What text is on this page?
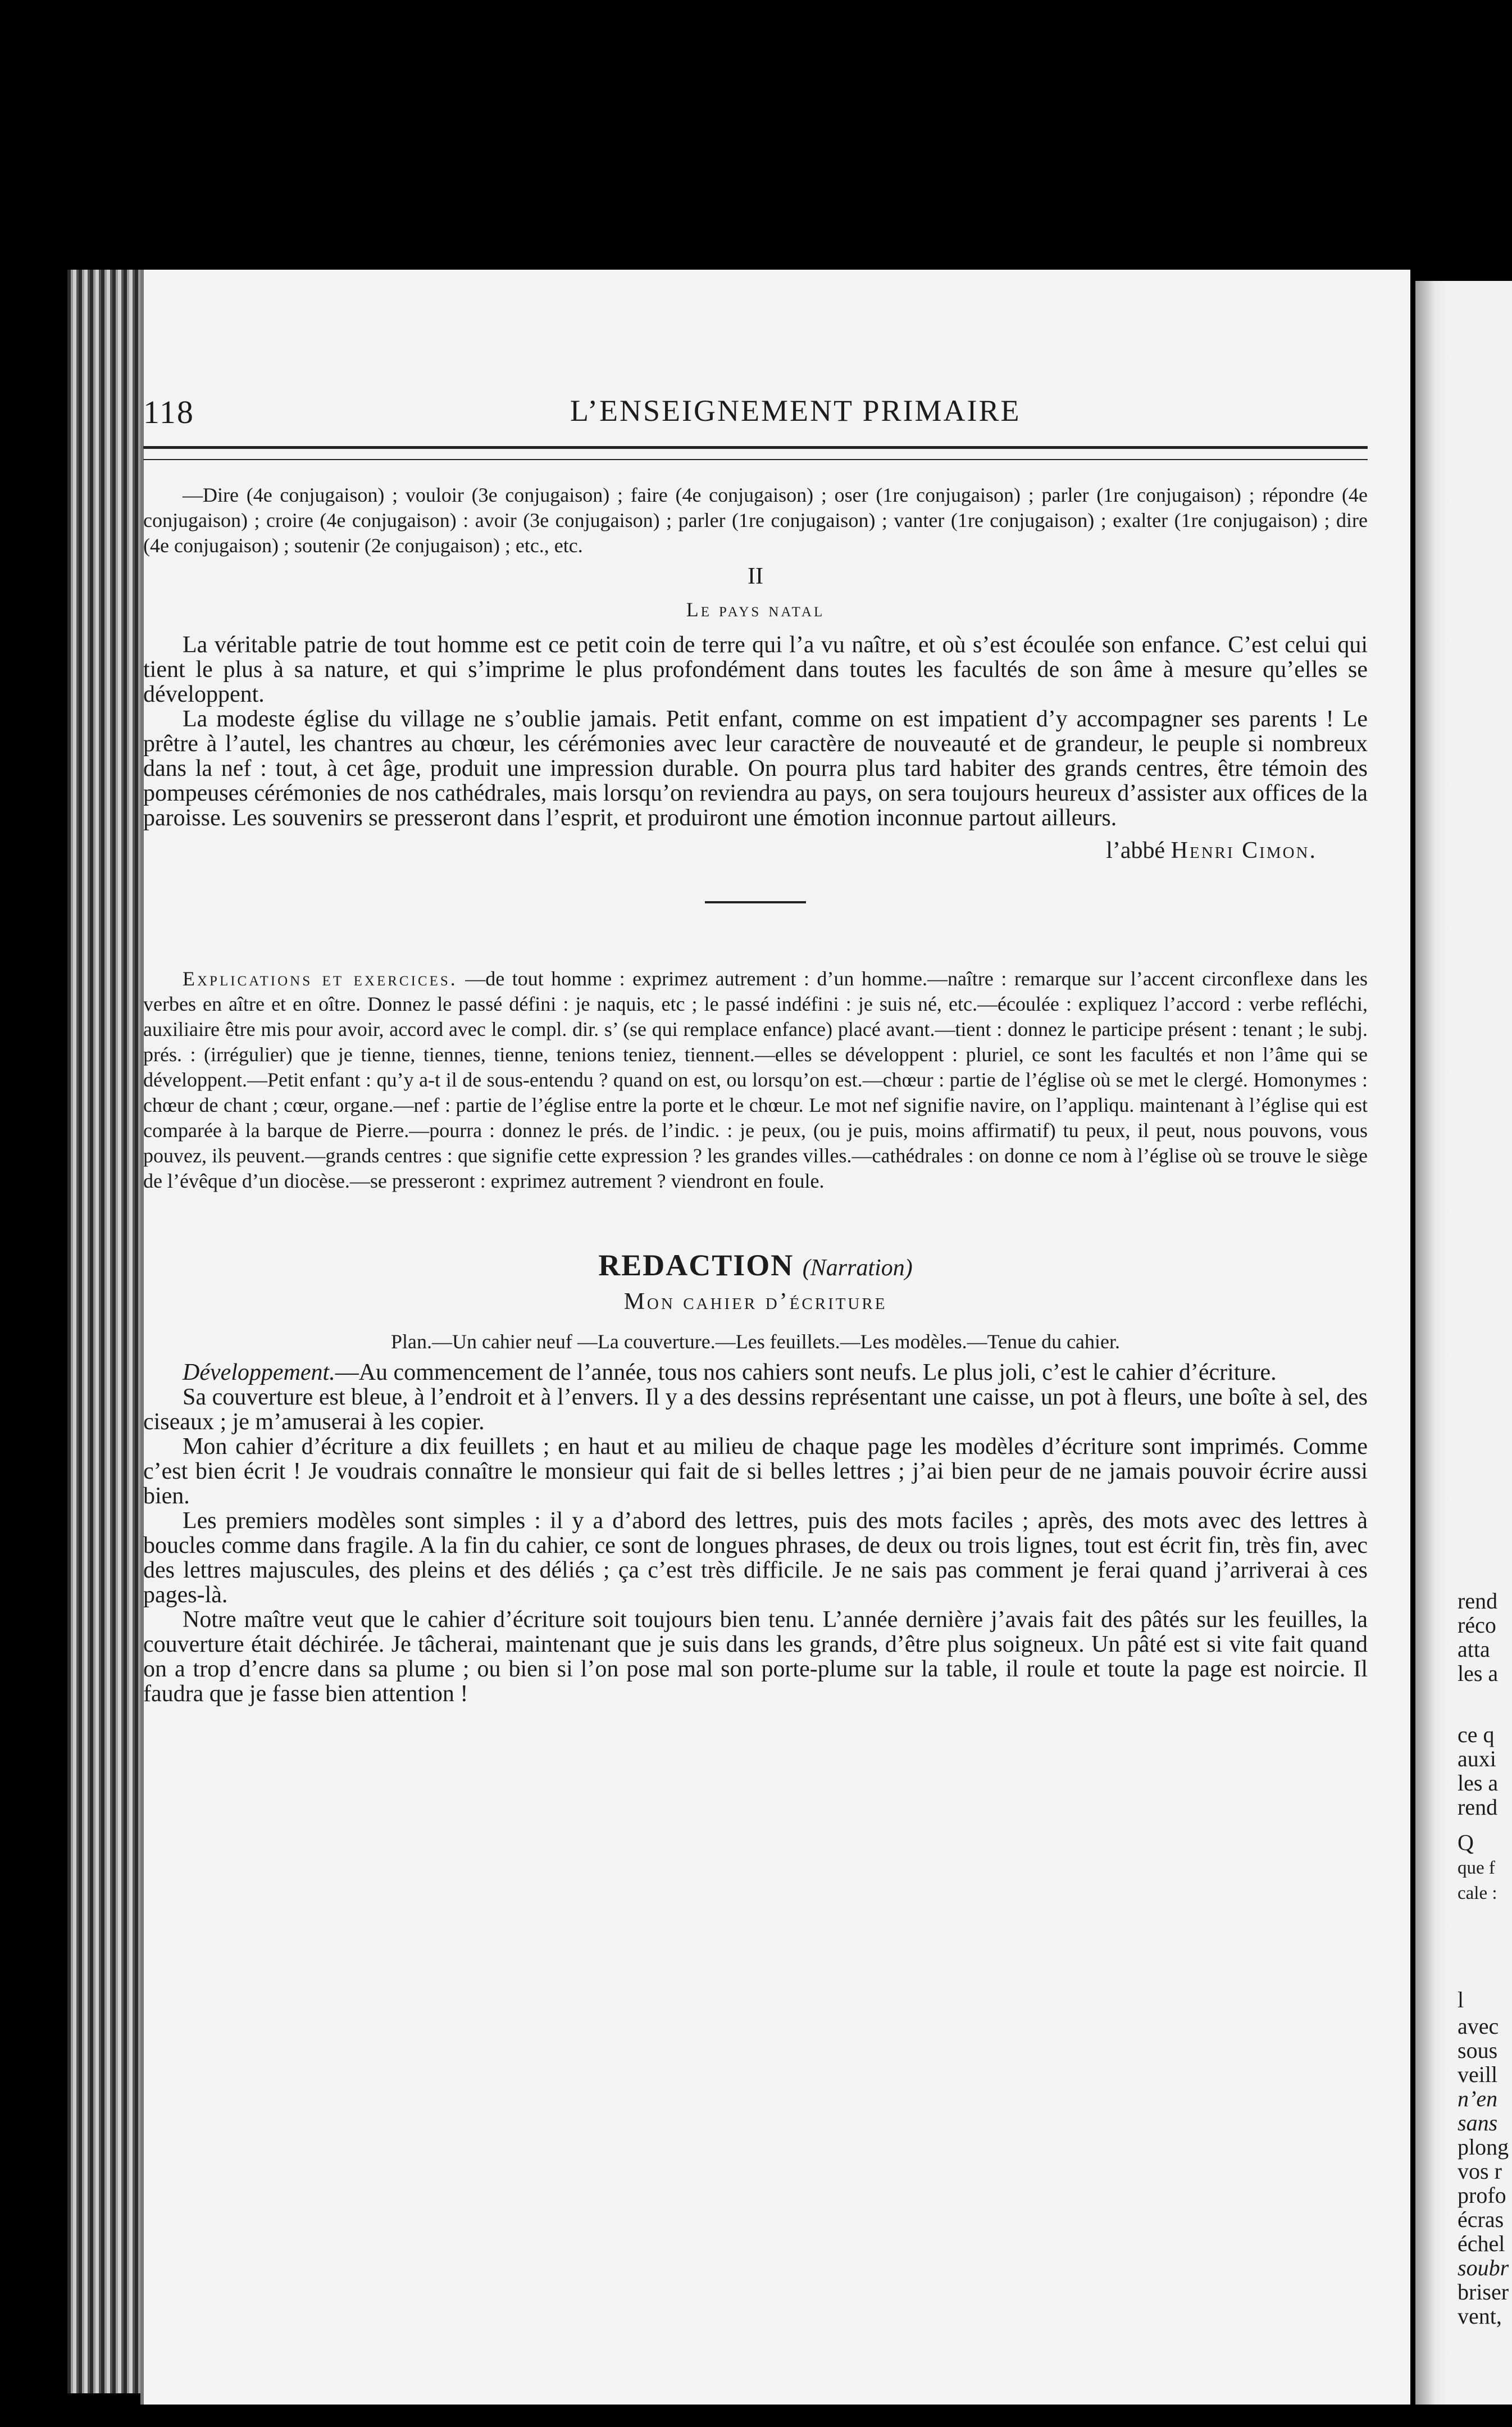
rend
réco
atta
les a
ce q
auxi
les a
rend
Q
que f
cale :
l
avec
sous
veill
n’en
sans
plong
vos r
profo
écras
échel
soubr
briser
vent,
118	L’ENSEIGNEMENT PRIMAIRE

—Dire (4e conjugaison) ; vouloir (3e conjugaison) ; faire (4e conjugaison) ; oser (1re conjugaison) ; parler (1re conjugaison) ; répondre (4e conjugaison) ; croire (4e conjugaison) : avoir (3e conjugaison) ; parler (1re conjugaison) ; vanter (1re conjugaison) ; exalter (1re conjugaison) ; dire (4e conjugaison) ; soutenir (2e conjugaison) ; etc., etc.

II
Le pays natal

La véritable patrie de tout homme est ce petit coin de terre qui l’a vu naître, et où s’est écoulée son enfance. C’est celui qui tient le plus à sa nature, et qui s’imprime le plus profondément dans toutes les facultés de son âme à mesure qu’elles se développent.

La modeste église du village ne s’oublie jamais. Petit enfant, comme on est impatient d’y accompagner ses parents ! Le prêtre à l’autel, les chantres au chœur, les cérémonies avec leur caractère de nouveauté et de grandeur, le peuple si nombreux dans la nef : tout, à cet âge, produit une impression durable. On pourra plus tard habiter des grands centres, être témoin des pompeuses cérémonies de nos cathédrales, mais lorsqu’on reviendra au pays, on sera toujours heureux d’assister aux offices de la paroisse. Les souvenirs se presseront dans l’esprit, et produiront une émotion inconnue partout ailleurs.

l’abbé Henri Cimon.

Explications et exercices. —de tout homme : exprimez autrement : d’un homme.—naître : remarque sur l’accent circonflexe dans les verbes en aître et en oître. Donnez le passé défini : je naquis, etc ; le passé indéfini : je suis né, etc.—écoulée : expliquez l’accord : verbe refléchi, auxiliaire être mis pour avoir, accord avec le compl. dir. s’ (se qui remplace enfance) placé avant.—tient : donnez le participe présent : tenant ; le subj. prés. : (irrégulier) que je tienne, tiennes, tienne, tenions teniez, tiennent.—elles se développent : pluriel, ce sont les facultés et non l’âme qui se développent.—Petit enfant : qu’y a-t il de sous-entendu ? quand on est, ou lorsqu’on est.—chœur : partie de l’église où se met le clergé. Homonymes : chœur de chant ; cœur, organe.—nef : partie de l’église entre la porte et le chœur. Le mot nef signifie navire, on l’appliqu. maintenant à l’église qui est comparée à la barque de Pierre.—pourra : donnez le prés. de l’indic. : je peux, (ou je puis, moins affirmatif) tu peux, il peut, nous pouvons, vous pouvez, ils peuvent.—grands centres : que signifie cette expression ? les grandes villes.—cathédrales : on donne ce nom à l’église où se trouve le siège de l’évêque d’un diocèse.—se presseront : exprimez autrement ? viendront en foule.

REDACTION (Narration)
Mon cahier d’écriture
Plan.—Un cahier neuf —La couverture.—Les feuillets.—Les modèles.—Tenue du cahier.

Développement.—Au commencement de l’année, tous nos cahiers sont neufs. Le plus joli, c’est le cahier d’écriture.

Sa couverture est bleue, à l’endroit et à l’envers. Il y a des dessins représentant une caisse, un pot à fleurs, une boîte à sel, des ciseaux ; je m’amuserai à les copier.

Mon cahier d’écriture a dix feuillets ; en haut et au milieu de chaque page les modèles d’écriture sont imprimés. Comme c’est bien écrit ! Je voudrais connaître le monsieur qui fait de si belles lettres ; j’ai bien peur de ne jamais pouvoir écrire aussi bien.

Les premiers modèles sont simples : il y a d’abord des lettres, puis des mots faciles ; après, des mots avec des lettres à boucles comme dans fragile. A la fin du cahier, ce sont de longues phrases, de deux ou trois lignes, tout est écrit fin, très fin, avec des lettres majuscules, des pleins et des déliés ; ça c’est très difficile. Je ne sais pas comment je ferai quand j’arriverai à ces pages-là.

Notre maître veut que le cahier d’écriture soit toujours bien tenu. L’année dernière j’avais fait des pâtés sur les feuilles, la couverture était déchirée. Je tâcherai, maintenant que je suis dans les grands, d’être plus soigneux. Un pâté est si vite fait quand on a trop d’encre dans sa plume ; ou bien si l’on pose mal son porte-plume sur la table, il roule et toute la page est noircie. Il faudra que je fasse bien attention !
